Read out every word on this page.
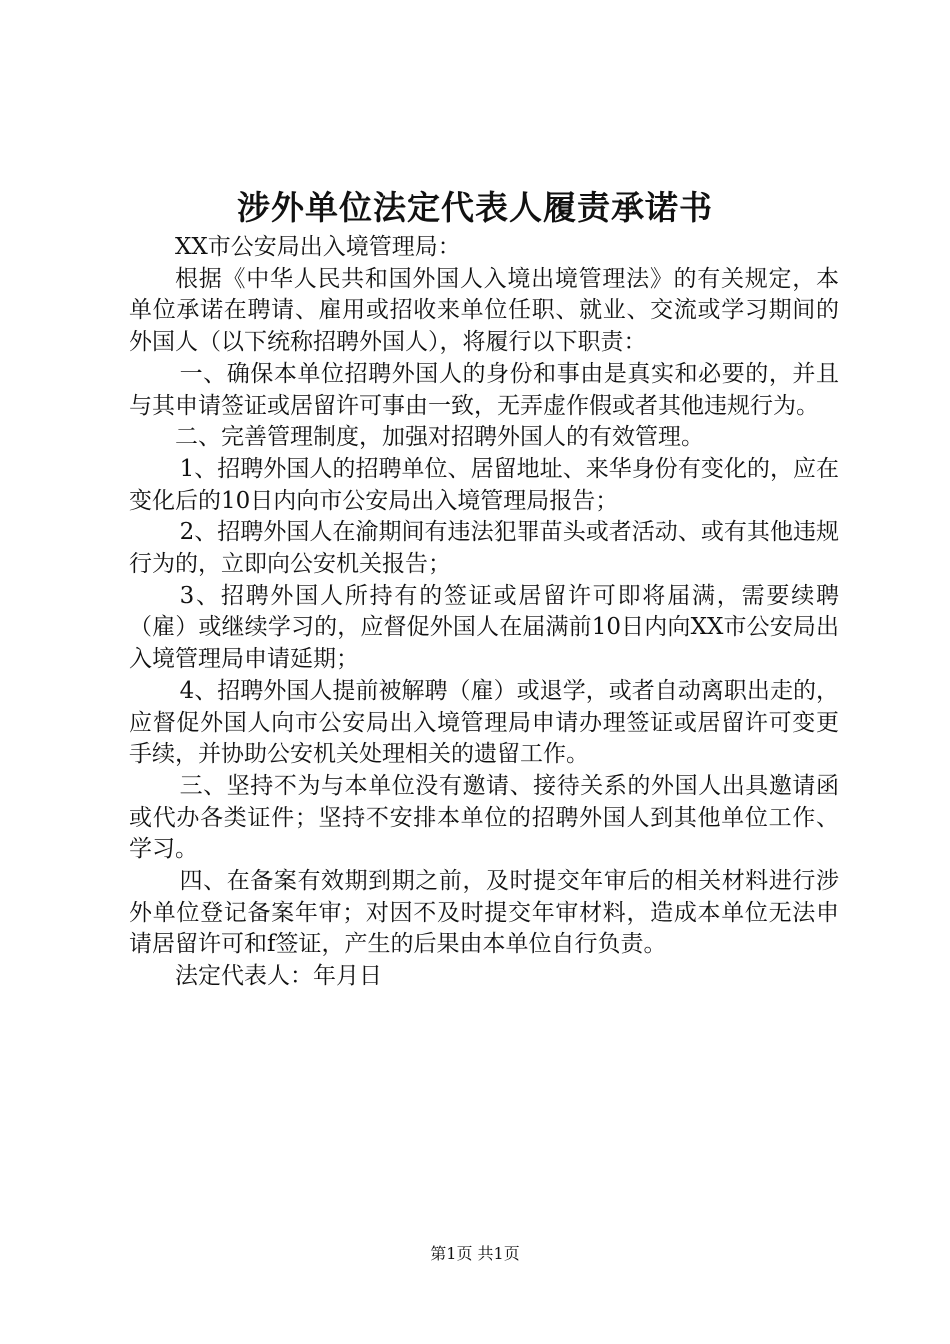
涉外单位法定代表人履责承诺书

XX市公安局出入境管理局：

根据《中华人民共和国外国人入境出境管理法》的有关规定，本单位承诺在聘请、雇用或招收来单位任职、就业、交流或学习期间的外国人（以下统称招聘外国人），将履行以下职责：

一、确保本单位招聘外国人的身份和事由是真实和必要的，并且与其申请签证或居留许可事由一致，无弄虚作假或者其他违规行为。

二、完善管理制度，加强对招聘外国人的有效管理。

1、招聘外国人的招聘单位、居留地址、来华身份有变化的，应在变化后的10日内向市公安局出入境管理局报告；

2、招聘外国人在渝期间有违法犯罪苗头或者活动、或有其他违规行为的，立即向公安机关报告；

3、招聘外国人所持有的签证或居留许可即将届满，需要续聘（雇）或继续学习的，应督促外国人在届满前10日内向XX市公安局出入境管理局申请延期；

4、招聘外国人提前被解聘（雇）或退学，或者自动离职出走的，应督促外国人向市公安局出入境管理局申请办理签证或居留许可变更手续，并协助公安机关处理相关的遗留工作。

三、坚持不为与本单位没有邀请、接待关系的外国人出具邀请函或代办各类证件；坚持不安排本单位的招聘外国人到其他单位工作、学习。

四、在备案有效期到期之前，及时提交年审后的相关材料进行涉外单位登记备案年审；对因不及时提交年审材料，造成本单位无法申请居留许可和f签证，产生的后果由本单位自行负责。

法定代表人：年月日

第1页 共1页
